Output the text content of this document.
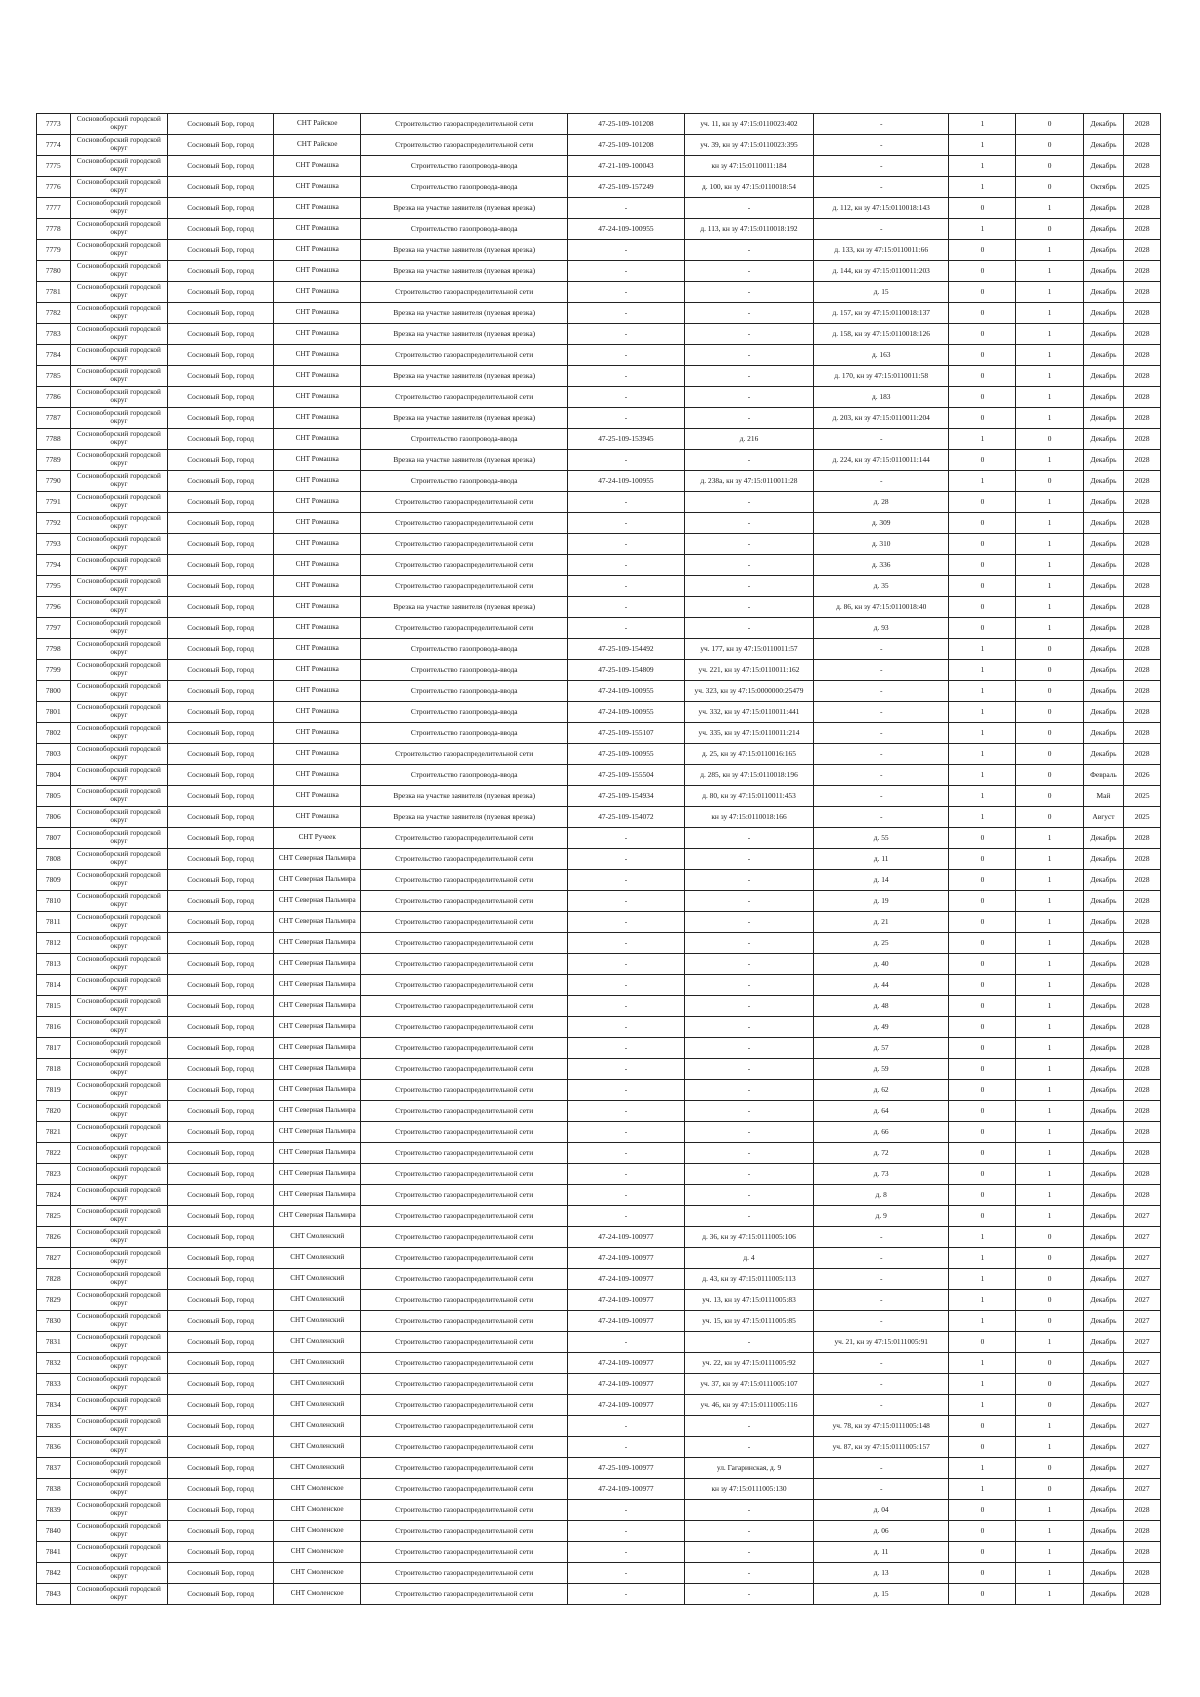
7773	Сосновоборский городской округ	Сосновый Бор, город	СНТ Райское	Строительство газораспределительной сети	47-25-109-101208	уч. 11, кн зу 47:15:0110023:402	-	1	0	Декабрь	2028
7774	Сосновоборский городской округ	Сосновый Бор, город	СНТ Райское	Строительство газораспределительной сети	47-25-109-101208	уч. 39, кн зу 47:15:0110023:395	-	1	0	Декабрь	2028
7775	Сосновоборский городской округ	Сосновый Бор, город	СНТ Ромашка	Строительство газопровода-ввода	47-21-109-100043	кн зу 47:15:0110011:184	-	1	0	Декабрь	2028
7776	Сосновоборский городской округ	Сосновый Бор, город	СНТ Ромашка	Строительство газопровода-ввода	47-25-109-157249	д. 100, кн зу 47:15:0110018:54	-	1	0	Октябрь	2025
7777	Сосновоборский городской округ	Сосновый Бор, город	СНТ Ромашка	Врезка на участке заявителя (пузевая врезка)	-	-	д. 112, кн зу 47:15:0110018:143	0	1	Декабрь	2028
7778	Сосновоборский городской округ	Сосновый Бор, город	СНТ Ромашка	Строительство газопровода-ввода	47-24-109-100955	д. 113, кн зу 47:15:0110018:192	-	1	0	Декабрь	2028
7779	Сосновоборский городской округ	Сосновый Бор, город	СНТ Ромашка	Врезка на участке заявителя (пузевая врезка)	-	-	д. 133, кн зу 47:15:0110011:66	0	1	Декабрь	2028
7780	Сосновоборский городской округ	Сосновый Бор, город	СНТ Ромашка	Врезка на участке заявителя (пузевая врезка)	-	-	д. 144, кн зу 47:15:0110011:203	0	1	Декабрь	2028
7781	Сосновоборский городской округ	Сосновый Бор, город	СНТ Ромашка	Строительство газораспределительной сети	-	-	д. 15	0	1	Декабрь	2028
7782	Сосновоборский городской округ	Сосновый Бор, город	СНТ Ромашка	Врезка на участке заявителя (пузевая врезка)	-	-	д. 157, кн зу 47:15:0110018:137	0	1	Декабрь	2028
7783	Сосновоборский городской округ	Сосновый Бор, город	СНТ Ромашка	Врезка на участке заявителя (пузевая врезка)	-	-	д. 158, кн зу 47:15:0110018:126	0	1	Декабрь	2028
7784	Сосновоборский городской округ	Сосновый Бор, город	СНТ Ромашка	Строительство газораспределительной сети	-	-	д. 163	0	1	Декабрь	2028
7785	Сосновоборский городской округ	Сосновый Бор, город	СНТ Ромашка	Врезка на участке заявителя (пузевая врезка)	-	-	д. 170, кн зу 47:15:0110011:58	0	1	Декабрь	2028
7786	Сосновоборский городской округ	Сосновый Бор, город	СНТ Ромашка	Строительство газораспределительной сети	-	-	д. 183	0	1	Декабрь	2028
7787	Сосновоборский городской округ	Сосновый Бор, город	СНТ Ромашка	Врезка на участке заявителя (пузевая врезка)	-	-	д. 203, кн зу 47:15:0110011:204	0	1	Декабрь	2028
7788	Сосновоборский городской округ	Сосновый Бор, город	СНТ Ромашка	Строительство газопровода-ввода	47-25-109-153945	д. 216	-	1	0	Декабрь	2028
7789	Сосновоборский городской округ	Сосновый Бор, город	СНТ Ромашка	Врезка на участке заявителя (пузевая врезка)	-	-	д. 224, кн зу 47:15:0110011:144	0	1	Декабрь	2028
7790	Сосновоборский городской округ	Сосновый Бор, город	СНТ Ромашка	Строительство газопровода-ввода	47-24-109-100955	д. 238а, кн зу 47:15:0110011:28	-	1	0	Декабрь	2028
7791	Сосновоборский городской округ	Сосновый Бор, город	СНТ Ромашка	Строительство газораспределительной сети	-	-	д. 28	0	1	Декабрь	2028
7792	Сосновоборский городской округ	Сосновый Бор, город	СНТ Ромашка	Строительство газораспределительной сети	-	-	д. 309	0	1	Декабрь	2028
7793	Сосновоборский городской округ	Сосновый Бор, город	СНТ Ромашка	Строительство газораспределительной сети	-	-	д. 310	0	1	Декабрь	2028
7794	Сосновоборский городской округ	Сосновый Бор, город	СНТ Ромашка	Строительство газораспределительной сети	-	-	д. 336	0	1	Декабрь	2028
7795	Сосновоборский городской округ	Сосновый Бор, город	СНТ Ромашка	Строительство газораспределительной сети	-	-	д. 35	0	1	Декабрь	2028
7796	Сосновоборский городской округ	Сосновый Бор, город	СНТ Ромашка	Врезка на участке заявителя (пузевая врезка)	-	-	д. 86, кн зу 47:15:0110018:40	0	1	Декабрь	2028
7797	Сосновоборский городской округ	Сосновый Бор, город	СНТ Ромашка	Строительство газораспределительной сети	-	-	д. 93	0	1	Декабрь	2028
7798	Сосновоборский городской округ	Сосновый Бор, город	СНТ Ромашка	Строительство газопровода-ввода	47-25-109-154492	уч. 177, кн зу 47:15:0110011:57	-	1	0	Декабрь	2028
7799	Сосновоборский городской округ	Сосновый Бор, город	СНТ Ромашка	Строительство газопровода-ввода	47-25-109-154809	уч. 221, кн зу 47:15:0110011:162	-	1	0	Декабрь	2028
7800	Сосновоборский городской округ	Сосновый Бор, город	СНТ Ромашка	Строительство газопровода-ввода	47-24-109-100955	уч. 323, кн зу 47:15:0000000:25479	-	1	0	Декабрь	2028
7801	Сосновоборский городской округ	Сосновый Бор, город	СНТ Ромашка	Строительство газопровода-ввода	47-24-109-100955	уч. 332, кн зу 47:15:0110011:441	-	1	0	Декабрь	2028
7802	Сосновоборский городской округ	Сосновый Бор, город	СНТ Ромашка	Строительство газопровода-ввода	47-25-109-155107	уч. 335, кн зу 47:15:0110011:214	-	1	0	Декабрь	2028
7803	Сосновоборский городской округ	Сосновый Бор, город	СНТ Ромашка	Строительство газораспределительной сети	47-25-109-100955	д. 25, кн зу 47:15:0110016:165	-	1	0	Декабрь	2028
7804	Сосновоборский городской округ	Сосновый Бор, город	СНТ Ромашка	Строительство газопровода-ввода	47-25-109-155504	д. 285, кн зу 47:15:0110018:196	-	1	0	Февраль	2026
7805	Сосновоборский городской округ	Сосновый Бор, город	СНТ Ромашка	Врезка на участке заявителя (пузевая врезка)	47-25-109-154934	д. 80, кн зу 47:15:0110011:453	-	1	0	Май	2025
7806	Сосновоборский городской округ	Сосновый Бор, город	СНТ Ромашка	Врезка на участке заявителя (пузевая врезка)	47-25-109-154072	кн зу 47:15:0110018:166	-	1	0	Август	2025
7807	Сосновоборский городской округ	Сосновый Бор, город	СНТ Ручеек	Строительство газораспределительной сети	-	-	д. 55	0	1	Декабрь	2028
7808	Сосновоборский городской округ	Сосновый Бор, город	СНТ Северная Пальмира	Строительство газораспределительной сети	-	-	д. 11	0	1	Декабрь	2028
7809	Сосновоборский городской округ	Сосновый Бор, город	СНТ Северная Пальмира	Строительство газораспределительной сети	-	-	д. 14	0	1	Декабрь	2028
7810	Сосновоборский городской округ	Сосновый Бор, город	СНТ Северная Пальмира	Строительство газораспределительной сети	-	-	д. 19	0	1	Декабрь	2028
7811	Сосновоборский городской округ	Сосновый Бор, город	СНТ Северная Пальмира	Строительство газораспределительной сети	-	-	д. 21	0	1	Декабрь	2028
7812	Сосновоборский городской округ	Сосновый Бор, город	СНТ Северная Пальмира	Строительство газораспределительной сети	-	-	д. 25	0	1	Декабрь	2028
7813	Сосновоборский городской округ	Сосновый Бор, город	СНТ Северная Пальмира	Строительство газораспределительной сети	-	-	д. 40	0	1	Декабрь	2028
7814	Сосновоборский городской округ	Сосновый Бор, город	СНТ Северная Пальмира	Строительство газораспределительной сети	-	-	д. 44	0	1	Декабрь	2028
7815	Сосновоборский городской округ	Сосновый Бор, город	СНТ Северная Пальмира	Строительство газораспределительной сети	-	-	д. 48	0	1	Декабрь	2028
7816	Сосновоборский городской округ	Сосновый Бор, город	СНТ Северная Пальмира	Строительство газораспределительной сети	-	-	д. 49	0	1	Декабрь	2028
7817	Сосновоборский городской округ	Сосновый Бор, город	СНТ Северная Пальмира	Строительство газораспределительной сети	-	-	д. 57	0	1	Декабрь	2028
7818	Сосновоборский городской округ	Сосновый Бор, город	СНТ Северная Пальмира	Строительство газораспределительной сети	-	-	д. 59	0	1	Декабрь	2028
7819	Сосновоборский городской округ	Сосновый Бор, город	СНТ Северная Пальмира	Строительство газораспределительной сети	-	-	д. 62	0	1	Декабрь	2028
7820	Сосновоборский городской округ	Сосновый Бор, город	СНТ Северная Пальмира	Строительство газораспределительной сети	-	-	д. 64	0	1	Декабрь	2028
7821	Сосновоборский городской округ	Сосновый Бор, город	СНТ Северная Пальмира	Строительство газораспределительной сети	-	-	д. 66	0	1	Декабрь	2028
7822	Сосновоборский городской округ	Сосновый Бор, город	СНТ Северная Пальмира	Строительство газораспределительной сети	-	-	д. 72	0	1	Декабрь	2028
7823	Сосновоборский городской округ	Сосновый Бор, город	СНТ Северная Пальмира	Строительство газораспределительной сети	-	-	д. 73	0	1	Декабрь	2028
7824	Сосновоборский городской округ	Сосновый Бор, город	СНТ Северная Пальмира	Строительство газораспределительной сети	-	-	д. 8	0	1	Декабрь	2028
7825	Сосновоборский городской округ	Сосновый Бор, город	СНТ Северная Пальмира	Строительство газораспределительной сети	-	-	д. 9	0	1	Декабрь	2027
7826	Сосновоборский городской округ	Сосновый Бор, город	СНТ Смоленский	Строительство газораспределительной сети	47-24-109-100977	д. 36, кн зу 47:15:0111005:106	-	1	0	Декабрь	2027
7827	Сосновоборский городской округ	Сосновый Бор, город	СНТ Смоленский	Строительство газораспределительной сети	47-24-109-100977	д. 4	-	1	0	Декабрь	2027
7828	Сосновоборский городской округ	Сосновый Бор, город	СНТ Смоленский	Строительство газораспределительной сети	47-24-109-100977	д. 43, кн зу 47:15:0111005:113	-	1	0	Декабрь	2027
7829	Сосновоборский городской округ	Сосновый Бор, город	СНТ Смоленский	Строительство газораспределительной сети	47-24-109-100977	уч. 13, кн зу 47:15:0111005:83	-	1	0	Декабрь	2027
7830	Сосновоборский городской округ	Сосновый Бор, город	СНТ Смоленский	Строительство газораспределительной сети	47-24-109-100977	уч. 15, кн зу 47:15:0111005:85	-	1	0	Декабрь	2027
7831	Сосновоборский городской округ	Сосновый Бор, город	СНТ Смоленский	Строительство газораспределительной сети	-	-	уч. 21, кн зу 47:15:0111005:91	0	1	Декабрь	2027
7832	Сосновоборский городской округ	Сосновый Бор, город	СНТ Смоленский	Строительство газораспределительной сети	47-24-109-100977	уч. 22, кн зу 47:15:0111005:92	-	1	0	Декабрь	2027
7833	Сосновоборский городской округ	Сосновый Бор, город	СНТ Смоленский	Строительство газораспределительной сети	47-24-109-100977	уч. 37, кн зу 47:15:0111005:107	-	1	0	Декабрь	2027
7834	Сосновоборский городской округ	Сосновый Бор, город	СНТ Смоленский	Строительство газораспределительной сети	47-24-109-100977	уч. 46, кн зу 47:15:0111005:116	-	1	0	Декабрь	2027
7835	Сосновоборский городской округ	Сосновый Бор, город	СНТ Смоленский	Строительство газораспределительной сети	-	-	уч. 78, кн зу 47:15:0111005:148	0	1	Декабрь	2027
7836	Сосновоборский городской округ	Сосновый Бор, город	СНТ Смоленский	Строительство газораспределительной сети	-	-	уч. 87, кн зу 47:15:0111005:157	0	1	Декабрь	2027
7837	Сосновоборский городской округ	Сосновый Бор, город	СНТ Смоленский	Строительство газораспределительной сети	47-25-109-100977	ул. Гагаринская, д. 9	-	1	0	Декабрь	2027
7838	Сосновоборский городской округ	Сосновый Бор, город	СНТ Смоленское	Строительство газораспределительной сети	47-24-109-100977	кн зу 47:15:0111005:130	-	1	0	Декабрь	2027
7839	Сосновоборский городской округ	Сосновый Бор, город	СНТ Смоленское	Строительство газораспределительной сети	-	-	д. 04	0	1	Декабрь	2028
7840	Сосновоборский городской округ	Сосновый Бор, город	СНТ Смоленское	Строительство газораспределительной сети	-	-	д. 06	0	1	Декабрь	2028
7841	Сосновоборский городской округ	Сосновый Бор, город	СНТ Смоленское	Строительство газораспределительной сети	-	-	д. 11	0	1	Декабрь	2028
7842	Сосновоборский городской округ	Сосновый Бор, город	СНТ Смоленское	Строительство газораспределительной сети	-	-	д. 13	0	1	Декабрь	2028
7843	Сосновоборский городской округ	Сосновый Бор, город	СНТ Смоленское	Строительство газораспределительной сети	-	-	д. 15	0	1	Декабрь	2028
